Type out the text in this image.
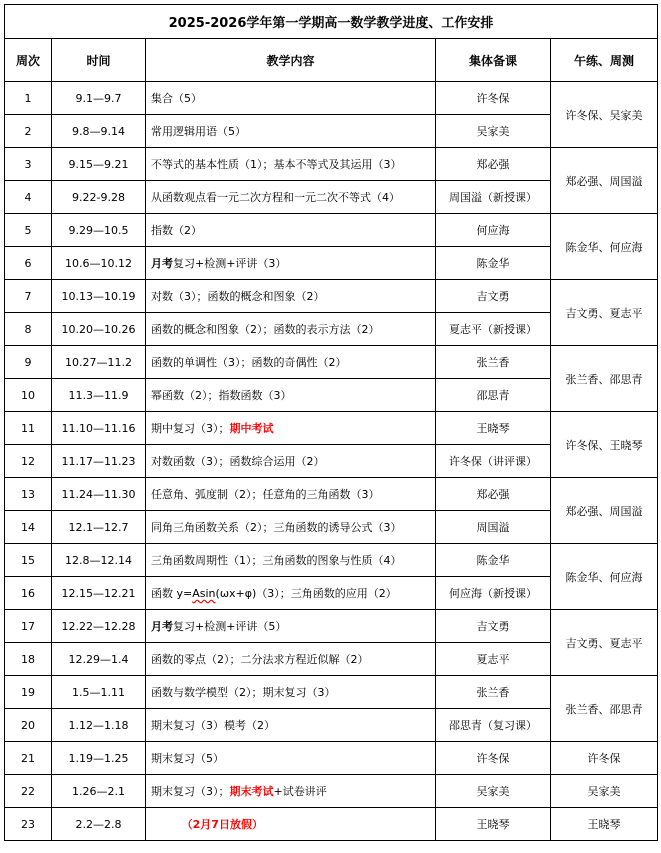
2025-2026学年第一学期高一数学教学进度、工作安排				
周次	时间	教学内容	集体备课	午练、周测
1	9.1—9.7	集合（5）	许冬保	许冬保、吴家美
2	9.8—9.14	常用逻辑用语（5）	吴家美	
3	9.15—9.21	不等式的基本性质（1）；基本不等式及其运用（3）	郑必强	郑必强、周国溢
4	9.22-9.28	从函数观点看一元二次方程和一元二次不等式（4）	周国溢（新授课）	
5	9.29—10.5	指数（2）	何应海	陈金华、何应海
6	10.6—10.12	月考复习+检测+评讲（3）	陈金华	
7	10.13—10.19	对数（3）；函数的概念和图象（2）	吉文勇	吉文勇、夏志平
8	10.20—10.26	函数的概念和图象（2）；函数的表示方法（2）	夏志平（新授课）	
9	10.27—11.2	函数的单调性（3）；函数的奇偶性（2）	张兰香	张兰香、邵思青
10	11.3—11.9	幂函数（2）；指数函数（3）	邵思青	
11	11.10—11.16	期中复习（3）；期中考试	王晓琴	许冬保、王晓琴
12	11.17—11.23	对数函数（3）；函数综合运用（2）	许冬保（讲评课）	
13	11.24—11.30	任意角、弧度制（2）；任意角的三角函数（3）	郑必强	郑必强、周国溢
14	12.1—12.7	同角三角函数关系（2）；三角函数的诱导公式（3）	周国溢	
15	12.8—12.14	三角函数周期性（1）；三角函数的图象与性质（4）	陈金华	陈金华、何应海
16	12.15—12.21	函数 y=Asin(ωx+φ)（3）；三角函数的应用（2）	何应海（新授课）	
17	12.22—12.28	月考复习+检测+评讲（5）	吉文勇	吉文勇、夏志平
18	12.29—1.4	函数的零点（2）；二分法求方程近似解（2）	夏志平	
19	1.5—1.11	函数与数学模型（2）；期末复习（3）	张兰香	张兰香、邵思青
20	1.12—1.18	期末复习（3）模考（2）	邵思青（复习课）	
21	1.19—1.25	期末复习（5）	许冬保	许冬保
22	1.26—2.1	期末复习（3）；期末考试+试卷讲评	吴家美	吴家美
23	2.2—2.8	（2月7日放假）	王晓琴	王晓琴
